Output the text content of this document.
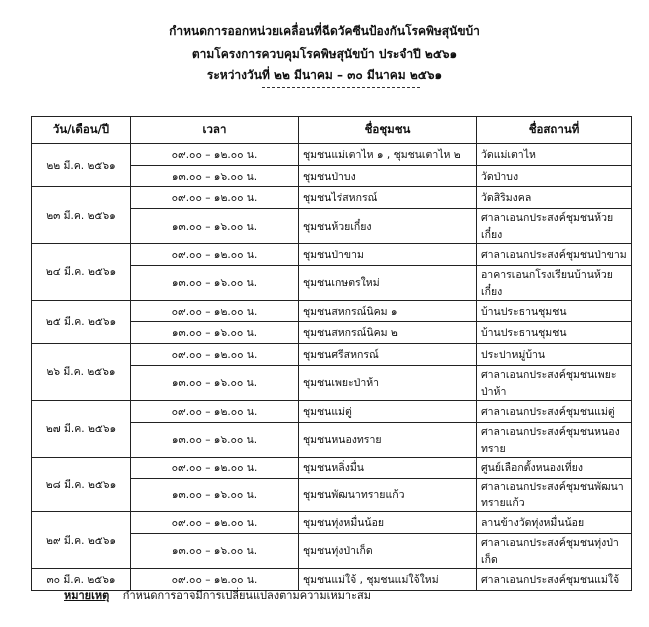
กำหนดการออกหน่วยเคลื่อนที่ฉีดวัคซีนป้องกันโรคพิษสุนัขบ้า
ตามโครงการควบคุมโรคพิษสุนัขบ้า ประจำปี ๒๕๖๑
ระหว่างวันที่ ๒๒ มีนาคม – ๓๐ มีนาคม ๒๕๖๑
วัน/เดือน/ปี	เวลา	ชื่อชุมชน	ชื่อสถานที่
๒๒ มี.ค. ๒๕๖๑	๐๙.๐๐ – ๑๒.๐๐ น.	ชุมชนแม่เตาไห ๑ , ชุมชนเตาไห ๒	วัดแม่เตาไห
	๑๓.๐๐ – ๑๖.๐๐ น.	ชุมชนป่าบง	วัดป่าบง
๒๓ มี.ค. ๒๕๖๑	๐๙.๐๐ – ๑๒.๐๐ น.	ชุมชนไร่สหกรณ์	วัดสิริมงคล
	๑๓.๐๐ – ๑๖.๐๐ น.	ชุมชนห้วยเกี๋ยง	ศาลาเอนกประสงค์ชุมชนห้วยเกี๋ยง
๒๔ มี.ค. ๒๕๖๑	๐๙.๐๐ – ๑๒.๐๐ น.	ชุมชนป่าขาม	ศาลาเอนกประสงค์ชุมชนป่าขาม
	๑๓.๐๐ – ๑๖.๐๐ น.	ชุมชนเกษตรใหม่	อาคารเอนกโรงเรียนบ้านห้วยเกี๋ยง
๒๕ มี.ค. ๒๕๖๑	๐๙.๐๐ – ๑๒.๐๐ น.	ชุมชนสหกรณ์นิคม ๑	บ้านประธานชุมชน
	๑๓.๐๐ – ๑๖.๐๐ น.	ชุมชนสหกรณ์นิคม ๒	บ้านประธานชุมชน
๒๖ มี.ค. ๒๕๖๑	๐๙.๐๐ – ๑๒.๐๐ น.	ชุมชนศรีสหกรณ์	ประปาหมู่บ้าน
	๑๓.๐๐ – ๑๖.๐๐ น.	ชุมชนเพยะป่าห้า	ศาลาเอนกประสงค์ชุมชนเพยะป่าห้า
๒๗ มี.ค. ๒๕๖๑	๐๙.๐๐ – ๑๒.๐๐ น.	ชุมชนแม่ตู่	ศาลาเอนกประสงค์ชุมชนแม่ตู่
	๑๓.๐๐ – ๑๖.๐๐ น.	ชุมชนหนองทราย	ศาลาเอนกประสงค์ชุมชนหนองทราย
๒๘ มี.ค. ๒๕๖๑	๐๙.๐๐ – ๑๒.๐๐ น.	ชุมชนหลิ่งมื่น	ศูนย์เลือกตั้งหนองเที่ยง
	๑๓.๐๐ – ๑๖.๐๐ น.	ชุมชนพัฒนาทรายแก้ว	ศาลาเอนกประสงค์ชุมชนพัฒนาทรายแก้ว
๒๙ มี.ค. ๒๕๖๑	๐๙.๐๐ – ๑๒.๐๐ น.	ชุมชนทุ่งหมื่นน้อย	ลานข้างวัดทุ่งหมื่นน้อย
	๑๓.๐๐ – ๑๖.๐๐ น.	ชุมชนทุ่งป่าเก็ด	ศาลาเอนกประสงค์ชุมชนทุ่งป่าเก็ด
๓๐ มี.ค. ๒๕๖๑	๐๙.๐๐ – ๑๒.๐๐ น.	ชุมชนแม่ใจ้ , ชุมชนแม่ใจ้ใหม่	ศาลาเอนกประสงค์ชุมชนแม่ใจ้
หมายเหตุ กำหนดการอาจมีการเปลี่ยนแปลงตามความเหมาะสม
